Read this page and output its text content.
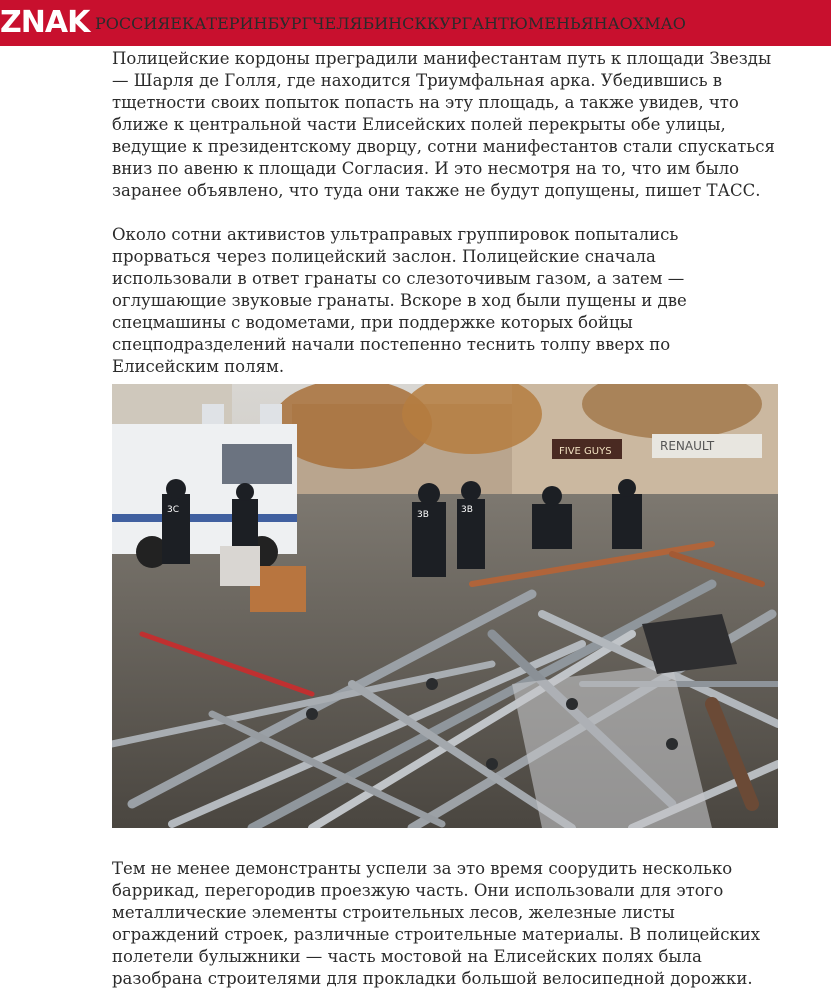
ZNAK РОССИЯ ЕКАТЕРИНБУРГ ЧЕЛЯБИНСК КУРГАН ТЮМЕНЬ ЯНАО ХМАО

Полицейские кордоны преградили манифестантам путь к площади Звезды — Шарля де Голля, где находится Триумфальная арка. Убедившись в тщетности своих попыток попасть на эту площадь, а также увидев, что ближе к центральной части Елисейских полей перекрыты обе улицы, ведущие к президентскому дворцу, сотни манифестантов стали спускаться вниз по авеню к площади Согласия. И это несмотря на то, что им было заранее объявлено, что туда они также не будут допущены, пишет ТАСС.

Около сотни активистов ультраправых группировок попытались прорваться через полицейский заслон. Полицейские сначала использовали в ответ гранаты со слезоточивым газом, а затем — оглушающие звуковые гранаты. Вскоре в ход были пущены и две спецмашины с водометами, при поддержке которых бойцы спецподразделений начали постепенно теснить толпу вверх по Елисейским полям.

Тем не менее демонстранты успели за это время соорудить несколько баррикад, перегородив проезжую часть. Они использовали для этого металлические элементы строительных лесов, железные листы ограждений строек, различные строительные материалы. В полицейских полетели булыжники — часть мостовой на Елисейских полях была разобрана строителями для прокладки большой велосипедной дорожки.

FIVE GUYS	RENAULT
3C	3B	3B
